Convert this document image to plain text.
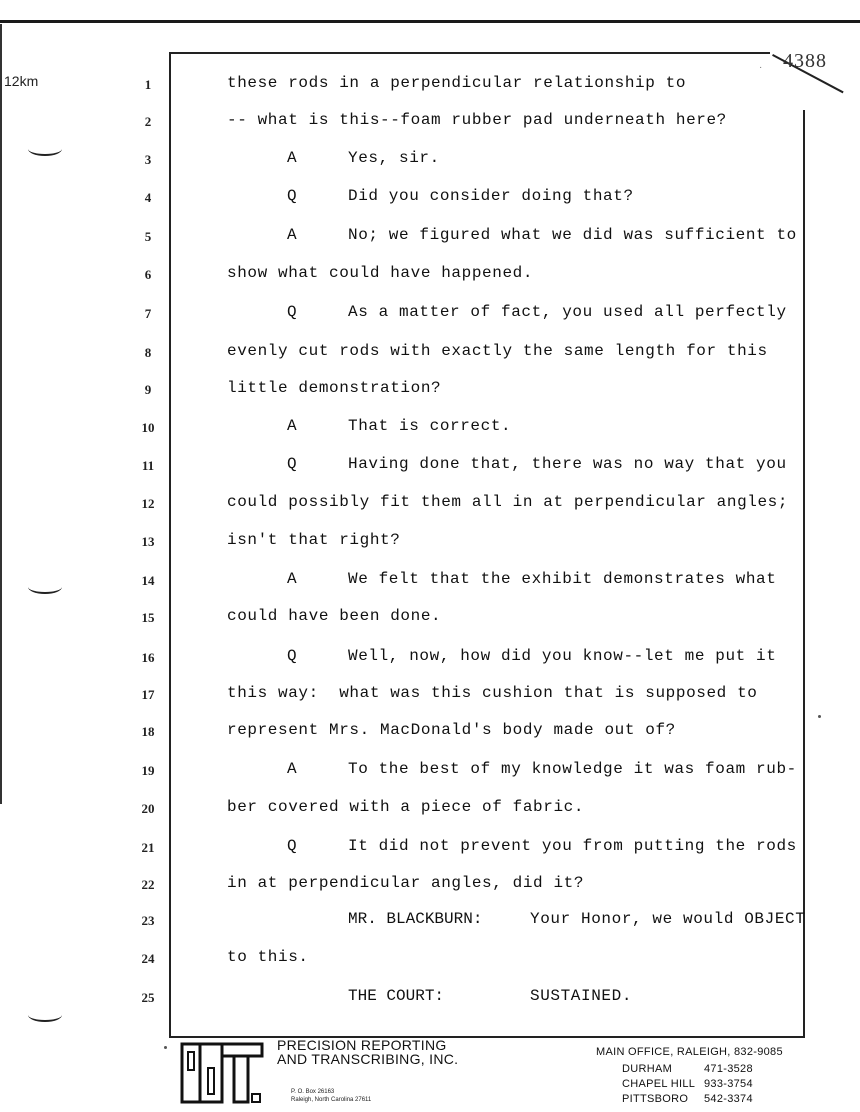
12km
· 4388
1	these rods in a perpendicular relationship to
2	-- what is this--foam rubber pad underneath here?
3	A	Yes, sir.
4	Q	Did you consider doing that?
5	A	No; we figured what we did was sufficient to
6	show what could have happened.
7	Q	As a matter of fact, you used all perfectly
8	evenly cut rods with exactly the same length for this
9	little demonstration?
10	A	That is correct.
11	Q	Having done that, there was no way that you
12	could possibly fit them all in at perpendicular angles;
13	isn't that right?
14	A	We felt that the exhibit demonstrates what
15	could have been done.
16	Q	Well, now, how did you know--let me put it
17	this way:  what was this cushion that is supposed to
18	represent Mrs. MacDonald's body made out of?
19	A	To the best of my knowledge it was foam rub-
20	ber covered with a piece of fabric.
21	Q	It did not prevent you from putting the rods
22	in at perpendicular angles, did it?
23	MR. BLACKBURN:	Your Honor, we would OBJECT
24	to this.
25	THE COURT:	SUSTAINED.
PRECISION REPORTING
AND TRANSCRIBING, INC.
P. O. Box 26163
Raleigh, North Carolina 27611
MAIN OFFICE, RALEIGH, 832-9085
DURHAM	471-3528
CHAPEL HILL 933-3754
PITTSBORO 542-3374
